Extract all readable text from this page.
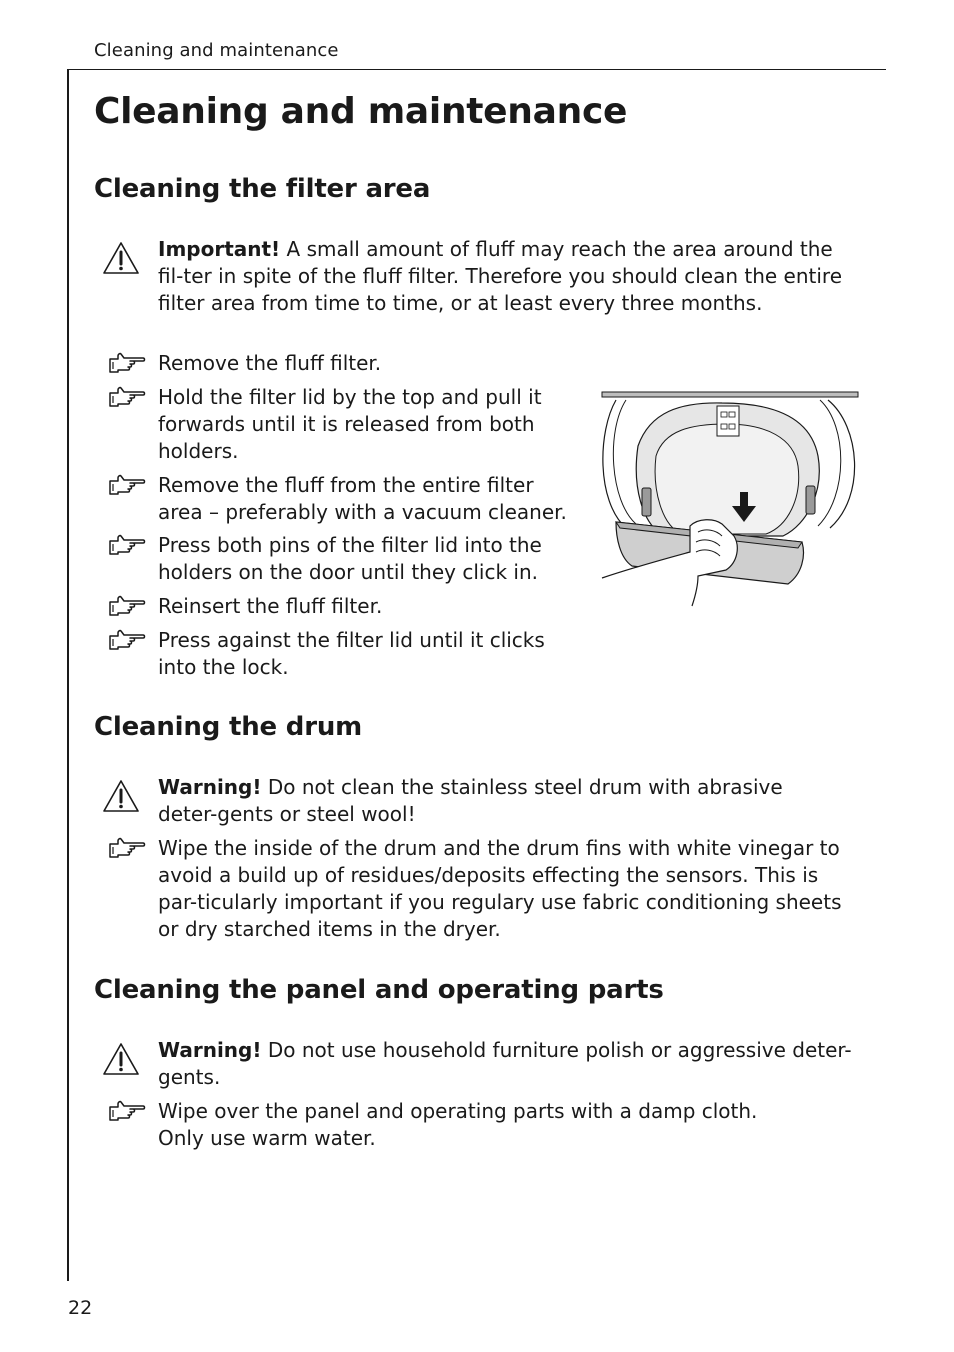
Cleaning and maintenance
Cleaning and maintenance
Cleaning the filter area

Important! A small amount of fluff may reach the area around the fil-ter in spite of the fluff filter. Therefore you should clean the entire filter area from time to time, or at least every three months.

Remove the fluff filter.

Hold the filter lid by the top and pull it forwards until it is released from both holders.

Remove the fluff from the entire filter area – preferably with a vacuum cleaner.

Press both pins of the filter lid into the holders on the door until they click in.

Reinsert the fluff filter.

Press against the filter lid until it clicks into the lock.

Cleaning the drum

Warning! Do not clean the stainless steel drum with abrasive deter-gents or steel wool!

Wipe the inside of the drum and the drum fins with white vinegar to avoid a build up of residues/deposits effecting the sensors. This is par-ticularly important if you regulary use fabric conditioning sheets or dry starched items in the dryer.

Cleaning the panel and operating parts

Warning! Do not use household furniture polish or aggressive deter-gents.

Wipe over the panel and operating parts with a damp cloth.
Only use warm water.

22
